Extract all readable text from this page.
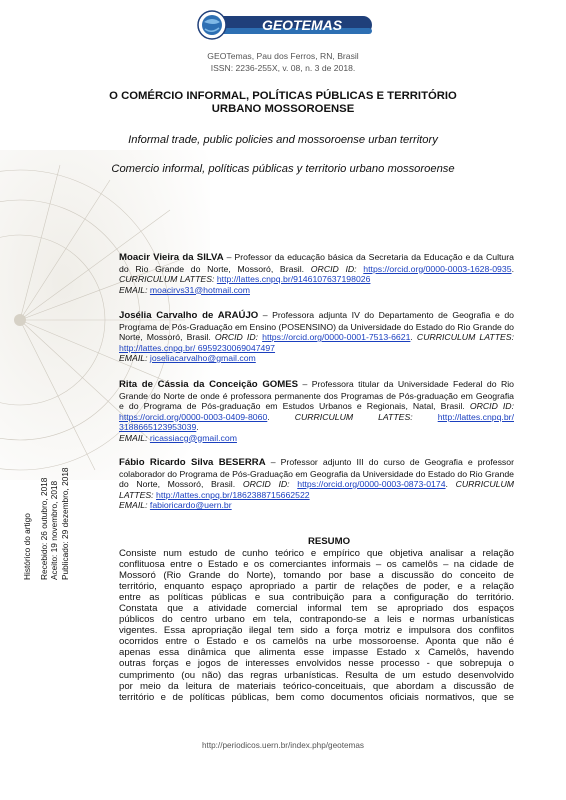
GEOTEMAS
GEOTemas, Pau dos Ferros, RN, Brasil
ISSN: 2236-255X, v. 08, n. 3 de 2018.
O COMÉRCIO INFORMAL, POLÍTICAS PÚBLICAS E TERRITÓRIO
URBANO MOSSOROENSE
Informal trade, public policies and mossoroense urban territory
Comercio informal, políticas públicas y territorio urbano mossoroense
Moacir Vieira da SILVA – Professor da educação básica da Secretaria da Educação e da Cultura do Rio Grande do Norte, Mossoró, Brasil. ORCID ID: https://orcid.org/0000-0003-1628-0935. CURRICULUM LATTES: http://lattes.cnpq.br/9146107637198026
EMAIL: moacirvs31@hotmail.com
Josélia Carvalho de ARAÚJO – Professora adjunta IV do Departamento de Geografia e do Programa de Pós-Graduação em Ensino (POSENSINO) da Universidade do Estado do Rio Grande do Norte, Mossoró, Brasil. ORCID ID: https://orcid.org/0000-0001-7513-6621. CURRICULUM LATTES: http://lattes.cnpq.br/ 6959230069047497
EMAIL: joseliacarvalho@gmail.com
Rita de Cássia da Conceição GOMES – Professora titular da Universidade Federal do Rio Grande do Norte de onde é professora permanente dos Programas de Pós-graduação em Geografia e do Programa de Pós-graduação em Estudos Urbanos e Regionais, Natal, Brasil. ORCID ID: https://orcid.org/0000-0003-0409-8060. CURRICULUM LATTES:	http://lattes.cnpq.br/ 3188665123953039.
EMAIL: ricassiacg@gmail.com
Fábio Ricardo Silva BESERRA – Professor adjunto III do curso de Geografia e professor colaborador do Programa de Pós-Graduação em Geografia da Universidade do Estado do Rio Grande do Norte, Mossoró, Brasil. ORCID ID: https://orcid.org/0000-0003-0873-0174. CURRICULUM LATTES: http://lattes.cnpq.br/1862388715662522
EMAIL: fabioricardo@uern.br
Histórico do artigo Recebido: 26 outubro, 2018 Aceito: 19 novembro, 2018 Publicado: 29 dezembro, 2018	RESUMO
Consiste num estudo de cunho teórico e empírico que objetiva analisar a relação
conflituosa entre o Estado e os comerciantes informais – os camelôs – na cidade de
Mossoró (Rio Grande do Norte), tomando por base a discussão do conceito de
território, enquanto espaço apropriado a partir de relações de poder, e a relação
entre as políticas públicas e sua contribuição para a configuração do território.
Constata que a atividade comercial informal tem se apropriado dos espaços
públicos do centro urbano em tela, contrapondo-se a leis e normas urbanísticas
vigentes. Essa apropriação ilegal tem sido a força motriz e impulsora dos conflitos
ocorridos entre o Estado e os camelôs na urbe mossoroense. Aponta que não é
apenas essa dinâmica que alimenta esse impasse Estado x Camelôs, havendo
outras forças e jogos de interesses envolvidos nesse processo - que sobrepuja o
cumprimento (ou não) das regras urbanísticas. Resulta de um estudo desenvolvido
por meio da leitura de materiais teórico-conceituais, que abordam a discussão de
território e de políticas públicas, bem como documentos oficiais normativos, que se
http://periodicos.uern.br/index.php/geotemas
